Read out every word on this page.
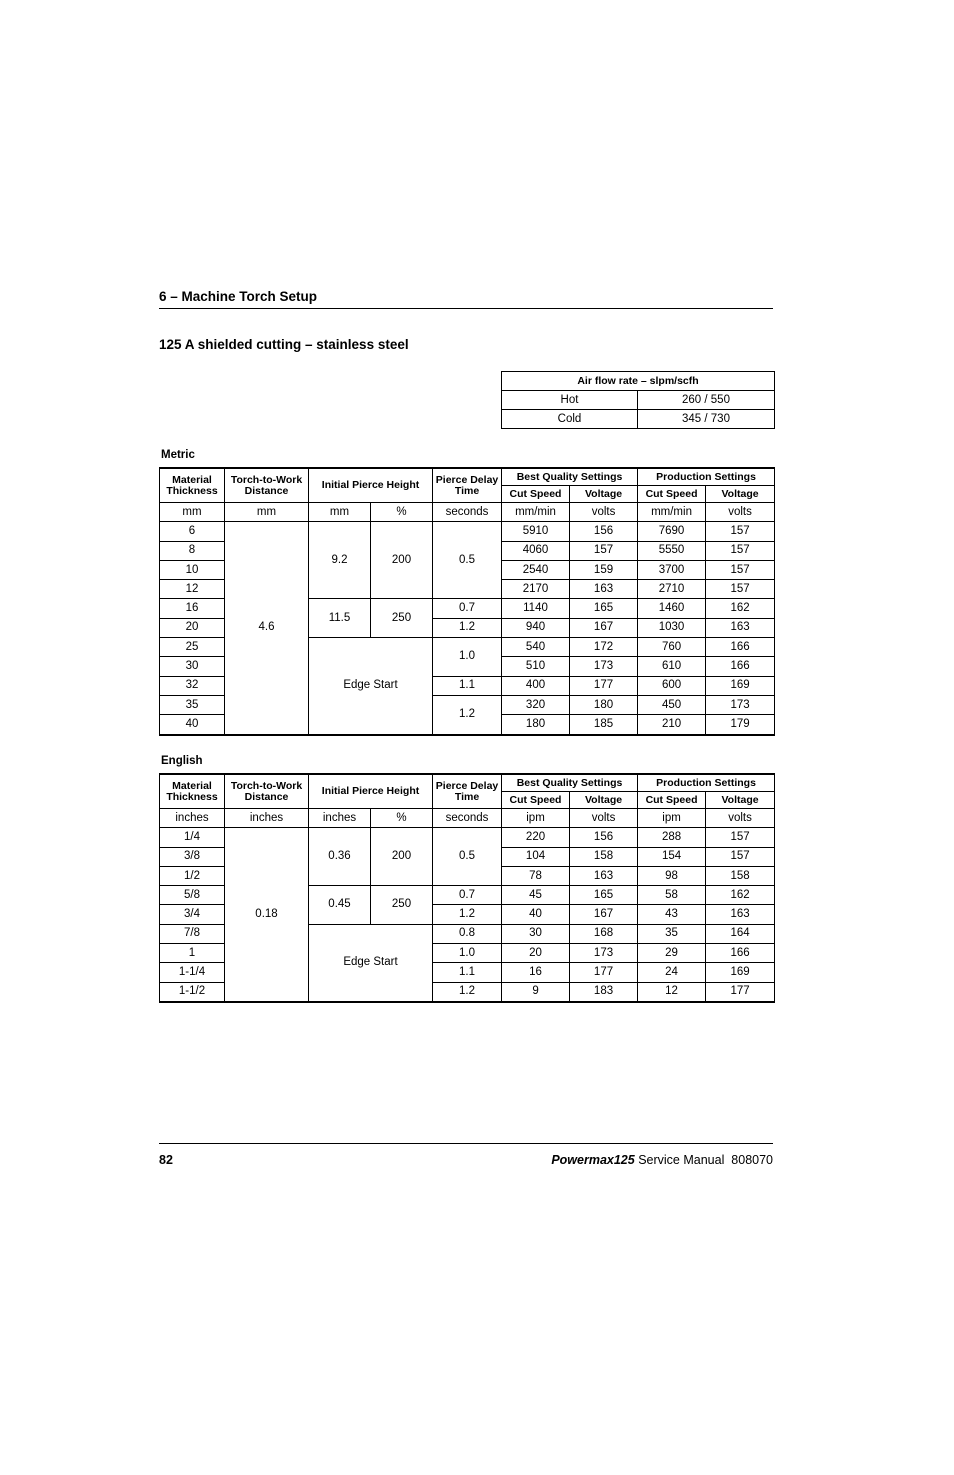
6 – Machine Torch Setup
125 A shielded cutting – stainless steel
Air flow rate – slpm/scfh	
Hot	260 / 550
Cold	345 / 730
Metric
Material Thickness	Torch-to-Work Distance	Initial Pierce Height		Pierce Delay Time	Best Quality Settings		Production Settings	
					Cut Speed	Voltage	Cut Speed	Voltage
mm	mm	mm	%	seconds	mm/min	volts	mm/min	volts
6	4.6	9.2	200	0.5	5910	156	7690	157
8					4060	157	5550	157
10					2540	159	3700	157
12					2170	163	2710	157
16		11.5	250	0.7	1140	165	1460	162
20				1.2	940	167	1030	163
25		Edge Start		1.0	540	172	760	166
30					510	173	610	166
32				1.1	400	177	600	169
35				1.2	320	180	450	173
40					180	185	210	179
English
Material Thickness	Torch-to-Work Distance	Initial Pierce Height		Pierce Delay Time	Best Quality Settings		Production Settings	
					Cut Speed	Voltage	Cut Speed	Voltage
inches	inches	inches	%	seconds	ipm	volts	ipm	volts
1/4	0.18	0.36	200	0.5	220	156	288	157
3/8					104	158	154	157
1/2					78	163	98	158
5/8		0.45	250	0.7	45	165	58	162
3/4				1.2	40	167	43	163
7/8		Edge Start		0.8	30	168	35	164
1				1.0	20	173	29	166
1-1/4				1.1	16	177	24	169
1-1/2				1.2	9	183	12	177
82	Powermax125 Service Manual  808070
